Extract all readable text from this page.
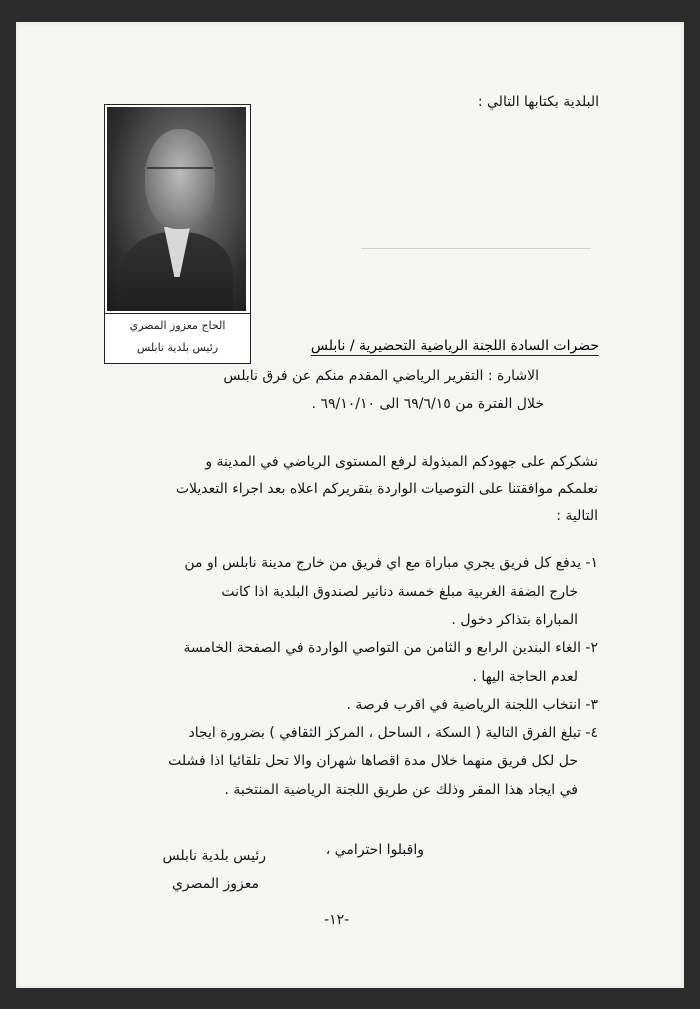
البلدية بكتابها التالي :
الحاج معزوز المصري
رئيس بلدية نابلس	حضرات السادة اللجنة الرياضية التحضيرية / نابلس
الاشارة : التقرير الرياضي المقدم منكم عن فرق نابلس
خلال الفترة من ٦٩/٦/١٥ الى ٦٩/١٠/١٠ .
نشكركم على جهودكم المبذولة لرفع المستوى الرياضي في المدينة و
نعلمكم موافقتنا على التوصيات الواردة بتقريركم اعلاه بعد اجراء التعديلات
التالية :
١- يدفع كل فريق يجري مباراة مع اي فريق من خارج مدينة نابلس او من
خارج الضفة الغربية مبلغ خمسة دنانير لصندوق البلدية اذا كانت
المباراة بتذاكر دخول .
٢- الغاء البندين الرابع و الثامن من التواصي الواردة في الصفحة الخامسة
لعدم الحاجة اليها .
٣- انتخاب اللجنة الرياضية في اقرب فرصة .
٤- تبلغ الفرق التالية ( السكة ، الساحل ، المركز الثقافي ) بضرورة ايجاد
حل لكل فريق منهما خلال مدة اقصاها شهران والا تحل تلقائيا اذا فشلت
في ايجاد هذا المقر وذلك عن طريق اللجنة الرياضية المنتخبة .
واقبلوا احترامي ،
رئيس بلدية نابلس
معزوز المصري
-١٢-
